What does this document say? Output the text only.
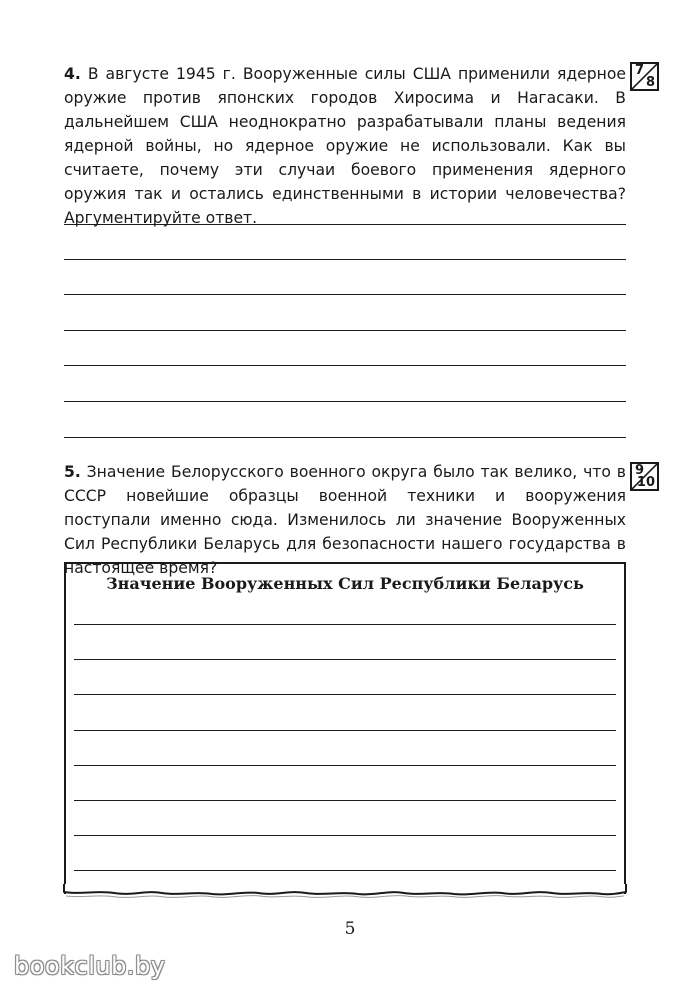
4. В августе 1945 г. Вооруженные силы США применили ядерное оружие против японских городов Хиросима и Нагасаки. В дальнейшем США неоднократно разрабатывали планы ведения ядерной войны, но ядерное оружие не использовали. Как вы считаете, почему эти случаи боевого применения ядерного оружия так и остались единственными в истории человечества? Аргументируйте ответ.
7
8
5. Значение Белорусского военного округа было так велико, что в СССР новейшие образцы военной техники и вооружения поступали именно сюда. Изменилось ли значение Вооруженных Сил Республики Беларусь для безопасности нашего государства в настоящее время?
9
10
Значение Вооруженных Сил Республики Беларусь
5
bookclub.by
